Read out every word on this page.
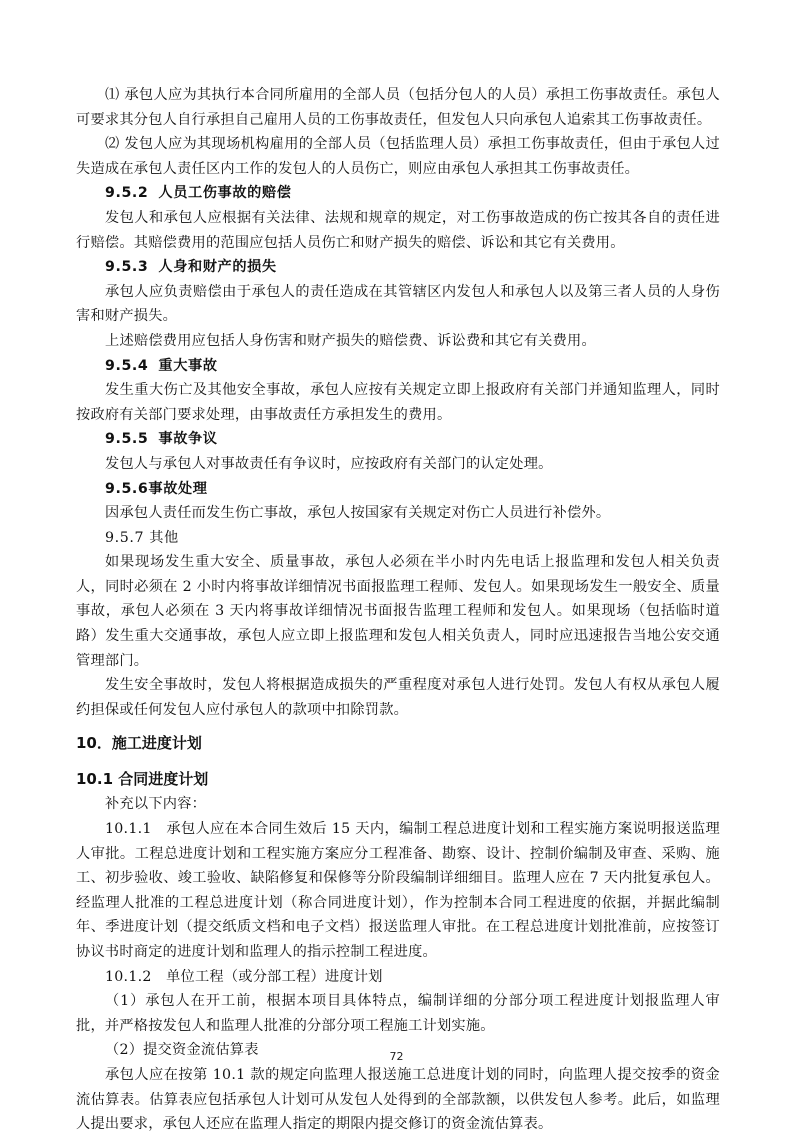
⑴ 承包人应为其执行本合同所雇用的全部人员（包括分包人的人员）承担工伤事故责任。承包人可要求其分包人自行承担自己雇用人员的工伤事故责任，但发包人只向承包人追索其工伤事故责任。

⑵ 发包人应为其现场机构雇用的全部人员（包括监理人员）承担工伤事故责任，但由于承包人过失造成在承包人责任区内工作的发包人的人员伤亡，则应由承包人承担其工伤事故责任。

9.5.2 人员工伤事故的赔偿

发包人和承包人应根据有关法律、法规和规章的规定，对工伤事故造成的伤亡按其各自的责任进行赔偿。其赔偿费用的范围应包括人员伤亡和财产损失的赔偿、诉讼和其它有关费用。

9.5.3 人身和财产的损失

承包人应负责赔偿由于承包人的责任造成在其管辖区内发包人和承包人以及第三者人员的人身伤害和财产损失。

上述赔偿费用应包括人身伤害和财产损失的赔偿费、诉讼费和其它有关费用。

9.5.4 重大事故

发生重大伤亡及其他安全事故，承包人应按有关规定立即上报政府有关部门并通知监理人，同时按政府有关部门要求处理，由事故责任方承担发生的费用。

9.5.5 事故争议

发包人与承包人对事故责任有争议时，应按政府有关部门的认定处理。

9.5.6事故处理

因承包人责任而发生伤亡事故，承包人按国家有关规定对伤亡人员进行补偿外。

9.5.7 其他

如果现场发生重大安全、质量事故，承包人必须在半小时内先电话上报监理和发包人相关负责人，同时必须在 2 小时内将事故详细情况书面报监理工程师、发包人。如果现场发生一般安全、质量事故，承包人必须在 3 天内将事故详细情况书面报告监理工程师和发包人。如果现场（包括临时道路）发生重大交通事故，承包人应立即上报监理和发包人相关负责人，同时应迅速报告当地公安交通管理部门。

发生安全事故时，发包人将根据造成损失的严重程度对承包人进行处罚。发包人有权从承包人履约担保或任何发包人应付承包人的款项中扣除罚款。

10．施工进度计划
10.1 合同进度计划

补充以下内容：

10.1.1　承包人应在本合同生效后 15 天内，编制工程总进度计划和工程实施方案说明报送监理人审批。工程总进度计划和工程实施方案应分工程准备、勘察、设计、控制价编制及审查、采购、施工、初步验收、竣工验收、缺陷修复和保修等分阶段编制详细细目。监理人应在 7 天内批复承包人。经监理人批准的工程总进度计划（称合同进度计划），作为控制本合同工程进度的依据，并据此编制年、季进度计划（提交纸质文档和电子文档）报送监理人审批。在工程总进度计划批准前，应按签订协议书时商定的进度计划和监理人的指示控制工程进度。

10.1.2　单位工程（或分部工程）进度计划

（1）承包人在开工前，根据本项目具体特点，编制详细的分部分项工程进度计划报监理人审批，并严格按发包人和监理人批准的分部分项工程施工计划实施。

（2）提交资金流估算表

承包人应在按第 10.1 款的规定向监理人报送施工总进度计划的同时，向监理人提交按季的资金流估算表。估算表应包括承包人计划可从发包人处得到的全部款额，以供发包人参考。此后，如监理人提出要求，承包人还应在监理人指定的期限内提交修订的资金流估算表。

72
